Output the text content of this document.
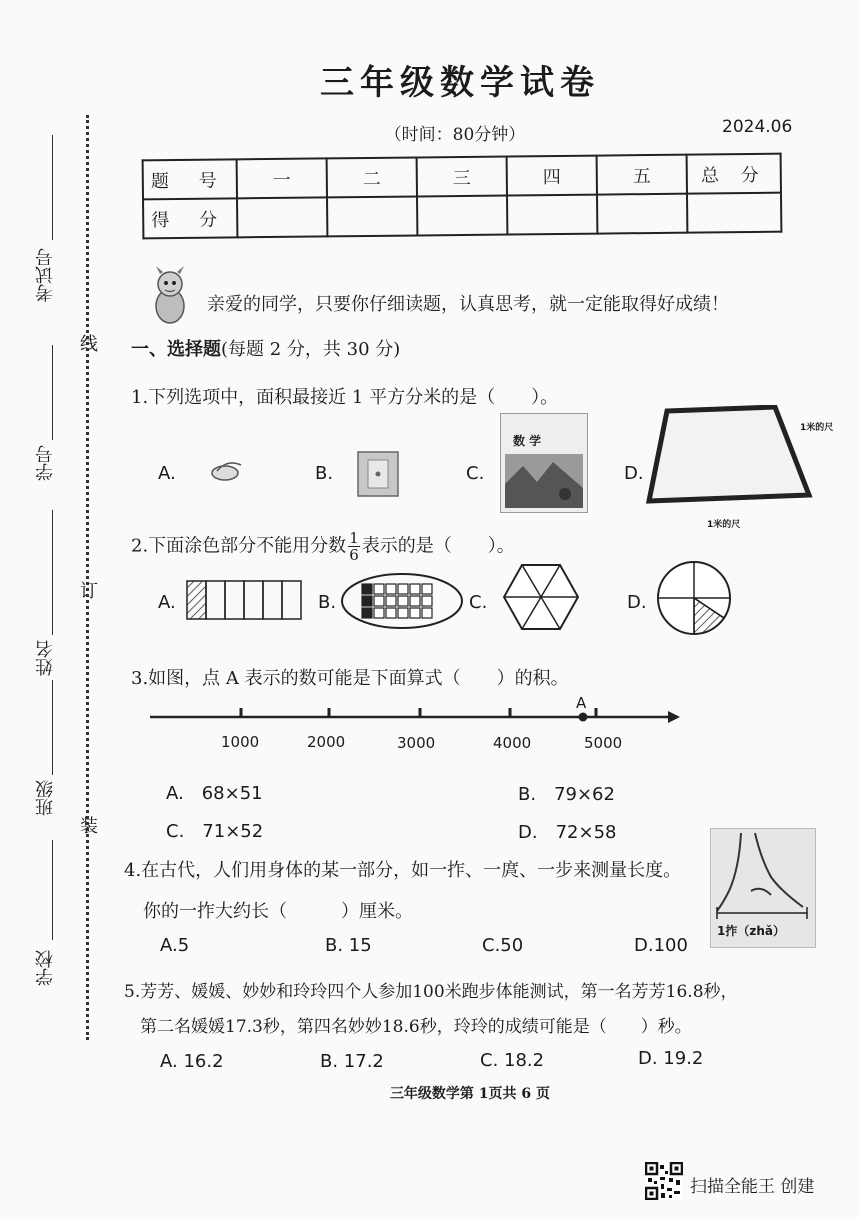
三年级数学试卷
（时间：80分钟）	2024.06
题 号	一	二	三	四	五	总 分
得 分						
线
订
装
考试号
学号
姓名
班级
学校
亲爱的同学，只要你仔细读题，认真思考，就一定能取得好成绩！
一、选择题(每题 2 分，共 30 分)
1.下列选项中，面积最接近 1 平方分米的是（　　）。
A.	B.	C.
数 学
D.
1米的尺
1米的尺
2.下面涂色部分不能用分数 $\frac{1}{6}$ 表示的是（　　）。
A.	B.	C.	D.
3.如图，点 A 表示的数可能是下面算式（　　）的积。
A
1000	2000	3000	4000	5000
A.　68×51	B.　79×62
C.　71×52	D.　72×58
4.在古代，人们用身体的某一部分，如一拃、一庹、一步来测量长度。
你的一拃大约长（　　　）厘米。
A.5	B. 15	C.50	D.100
1拃（zhǎ）
5.芳芳、媛媛、妙妙和玲玲四个人参加100米跑步体能测试，第一名芳芳16.8秒，
第二名媛媛17.3秒，第四名妙妙18.6秒，玲玲的成绩可能是（　　）秒。
A. 16.2	B. 17.2	C. 18.2	D. 19.2
三年级数学第 1页共 6 页
扫描全能王 创建
